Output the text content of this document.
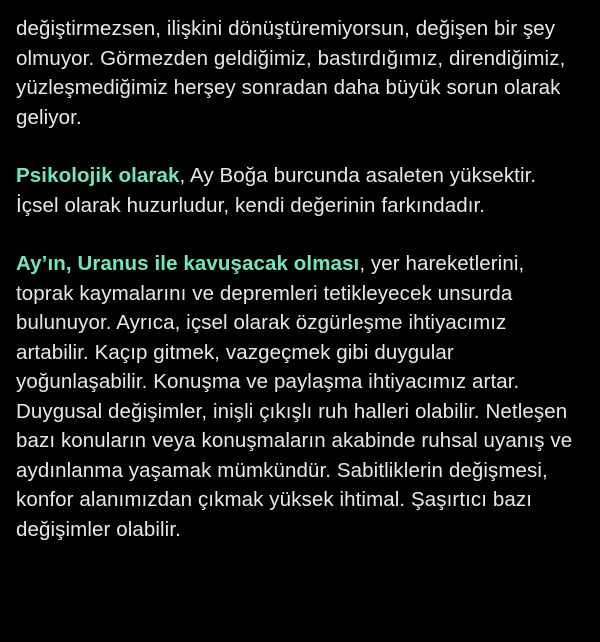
değiştirmezsen, ilişkini dönüştüremiyorsun, değişen bir şey olmuyor. Görmezden geldiğimiz, bastırdığımız, direndiğimiz, yüzleşmediğimiz herşey sonradan daha büyük sorun olarak geliyor.

Psikolojik olarak, Ay Boğa burcunda asaleten yüksektir. İçsel olarak huzurludur, kendi değerinin farkındadır.

Ay’ın, Uranus ile kavuşacak olması, yer hareketlerini, toprak kaymalarını ve depremleri tetikleyecek unsurda bulunuyor. Ayrıca, içsel olarak özgürleşme ihtiyacımız artabilir. Kaçıp gitmek, vazgeçmek gibi duygular yoğunlaşabilir. Konuşma ve paylaşma ihtiyacımız artar. Duygusal değişimler, inişli çıkışlı ruh halleri olabilir. Netleşen bazı konuların veya konuşmaların akabinde ruhsal uyanış ve aydınlanma yaşamak mümkündür. Sabitliklerin değişmesi, konfor alanımızdan çıkmak yüksek ihtimal. Şaşırtıcı bazı değişimler olabilir.
